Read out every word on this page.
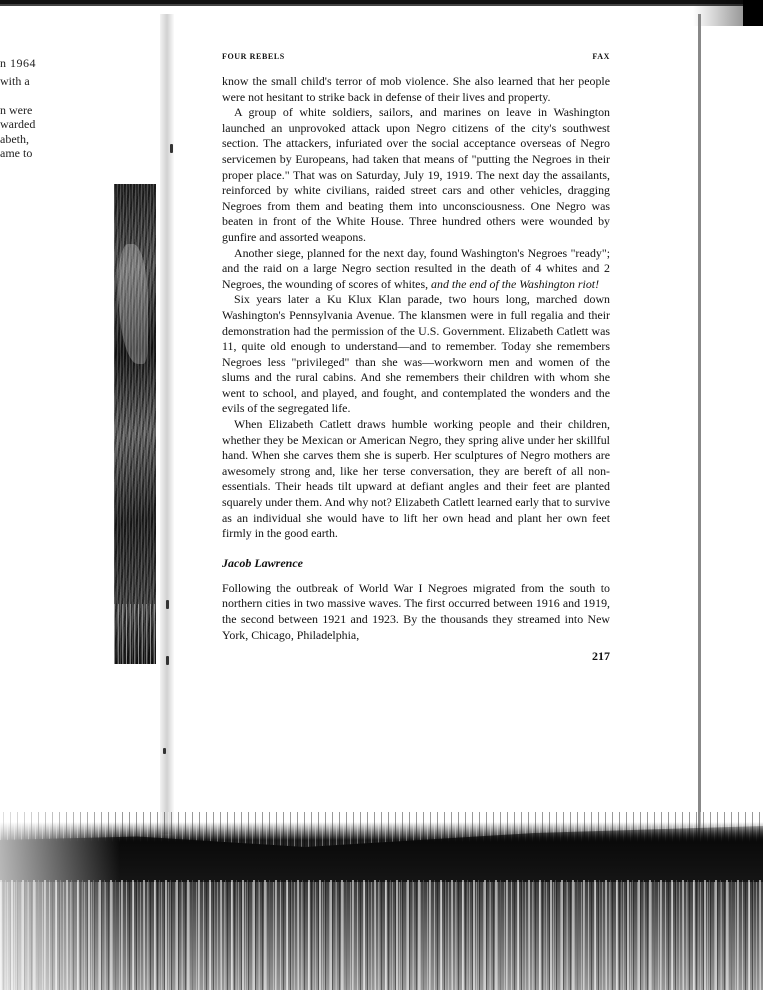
n 1964
with a
n were
warded
abeth,
ame to
FOUR REBELS	FAX

know the small child's terror of mob violence. She also learned that her people were not hesitant to strike back in defense of their lives and property.

A group of white soldiers, sailors, and marines on leave in Washington launched an unprovoked attack upon Negro citizens of the city's southwest section. The attackers, infuriated over the social acceptance overseas of Negro servicemen by Europeans, had taken that means of "putting the Negroes in their proper place." That was on Saturday, July 19, 1919. The next day the assailants, reinforced by white civilians, raided street cars and other vehicles, dragging Negroes from them and beating them into unconsciousness. One Negro was beaten in front of the White House. Three hundred others were wounded by gunfire and assorted weapons.

Another siege, planned for the next day, found Washington's Negroes "ready"; and the raid on a large Negro section resulted in the death of 4 whites and 2 Negroes, the wounding of scores of whites, and the end of the Washington riot!

Six years later a Ku Klux Klan parade, two hours long, marched down Washington's Pennsylvania Avenue. The klansmen were in full regalia and their demonstration had the permission of the U.S. Government. Elizabeth Catlett was 11, quite old enough to understand—and to remember. Today she remembers Negroes less "privileged" than she was—workworn men and women of the slums and the rural cabins. And she remembers their children with whom she went to school, and played, and fought, and contemplated the wonders and the evils of the segregated life.

When Elizabeth Catlett draws humble working people and their children, whether they be Mexican or American Negro, they spring alive under her skillful hand. When she carves them she is superb. Her sculptures of Negro mothers are awesomely strong and, like her terse conversation, they are bereft of all non-essentials. Their heads tilt upward at defiant angles and their feet are planted squarely under them. And why not? Elizabeth Catlett learned early that to survive as an individual she would have to lift her own head and plant her own feet firmly in the good earth.

Jacob Lawrence

Following the outbreak of World War I Negroes migrated from the south to northern cities in two massive waves. The first occurred between 1916 and 1919, the second between 1921 and 1923. By the thousands they streamed into New York, Chicago, Philadelphia,

217
